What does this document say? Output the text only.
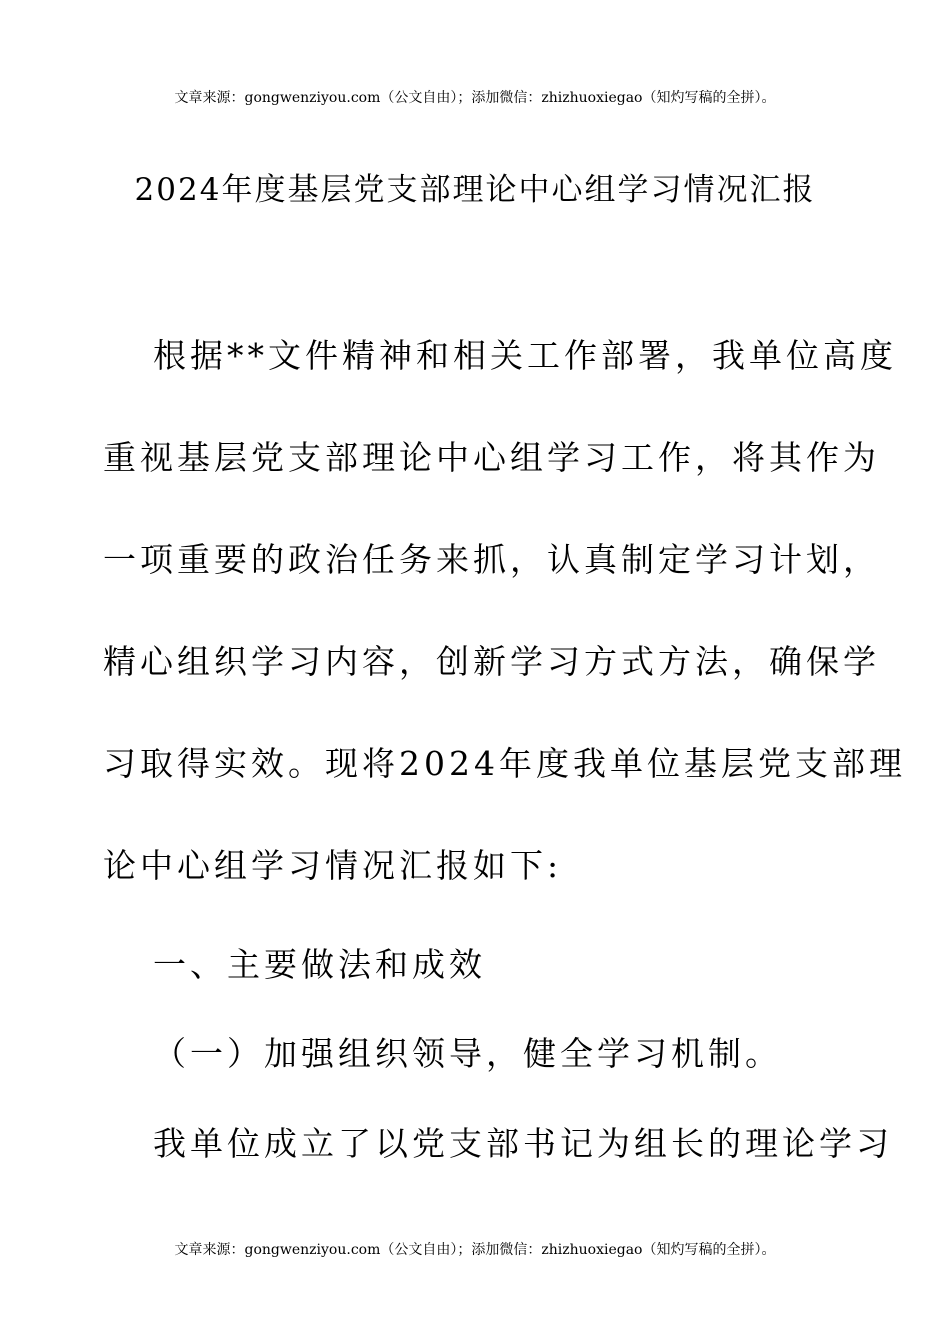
文章来源：gongwenziyou.com（公文自由）；添加微信：zhizhuoxiegao（知灼写稿的全拼）。
2024年度基层党支部理论中心组学习情况汇报
根据**文件精神和相关工作部署，我单位高度
重视基层党支部理论中心组学习工作，将其作为
一项重要的政治任务来抓，认真制定学习计划，
精心组织学习内容，创新学习方式方法，确保学
习取得实效。现将2024年度我单位基层党支部理
论中心组学习情况汇报如下:
一、主要做法和成效
（一）加强组织领导，健全学习机制。
我单位成立了以党支部书记为组长的理论学习
文章来源：gongwenziyou.com（公文自由）；添加微信：zhizhuoxiegao（知灼写稿的全拼）。
